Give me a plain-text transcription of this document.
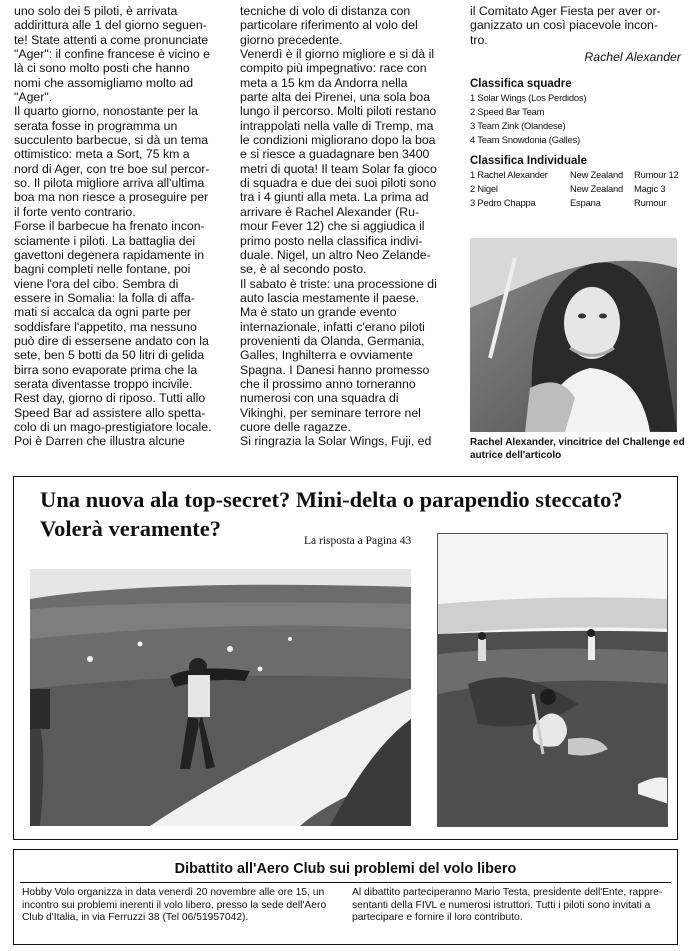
uno solo dei 5 piloti, è arrivata
addirittura alle 1 del giorno seguen-
te! State attenti a come pronunciate
"Ager": il confine francese è vicino e
là ci sono molto posti che hanno
nomi che assomigliamo molto ad
"Ager".
Il quarto giorno, nonostante per la
serata fosse in programma un
succulento barbecue, si dà un tema
ottimistico: meta a Sort, 75 km a
nord di Ager, con tre boe sul percor-
so. Il pilota migliore arriva all'ultima
boa ma non riesce a proseguire per
il forte vento contrario.
Forse il barbecue ha frenato incon-
sciamente i piloti. La battaglia dei
gavettoni degenera rapidamente in
bagni completi nelle fontane, poi
viene l'ora del cibo. Sembra di
essere in Somalia: la folla di affa-
mati si accalca da ogni parte per
soddisfare l'appetito, ma nessuno
può dire di essersene andato con la
sete, ben 5 botti da 50 litri di gelida
birra sono evaporate prima che la
serata diventasse troppo incivile.
Rest day, giorno di riposo. Tutti allo
Speed Bar ad assistere allo spetta-
colo di un mago-prestigiatore locale.
Poi è Darren che illustra alcune

tecniche di volo di distanza con
particolare riferimento al volo del
giorno precedente.
Venerdì è il giorno migliore e si dà il
compito più impegnativo: race con
meta a 15 km da Andorra nella
parte alta dei Pirenei, una sola boa
lungo il percorso. Molti piloti restano
intrappolati nella valle di Tremp, ma
le condizioni migliorano dopo la boa
e si riesce a guadagnare ben 3400
metri di quota! Il team Solar fa gioco
di squadra e due dei suoi piloti sono
tra i 4 giunti alla meta. La prima ad
arrivare è Rachel Alexander (Ru-
mour Fever 12) che si aggiudica il
primo posto nella classifica indivi-
duale. Nigel, un altro Neo Zelande-
se, è al secondo posto.
Il sabato è triste: una processione di
auto lascia mestamente il paese.
Ma è stato un grande evento
internazionale, infatti c'erano piloti
provenienti da Olanda, Germania,
Galles, Inghilterra e ovviamente
Spagna. I Danesi hanno promesso
che il prossimo anno torneranno
numerosi con una squadra di
Vikinghi, per seminare terrore nel
cuore delle ragazze.
Si ringrazia la Solar Wings, Fuji, ed

il Comitato Ager Fiesta per aver or-
ganizzato un così piacevole incon-
tro.

Rachel Alexander
Classifica squadre
1 Solar Wings (Los Perdidos)
2 Speed Bar Team
3 Team Zink (Olandese)
4 Team Snowdonia (Galles)
Classifica Individuale
1 Rachel Alexander	New Zealand	Rumour 12
2 Nigel	New Zealand	Magic 3
3 Pedro Chappa	Espana	Rumour
Rachel Alexander, vincitrice del Challenge ed autrice dell'articolo
Una nuova ala top-secret? Mini-delta o parapendio steccato?
Volerà veramente?	La risposta a Pagina 43
Dibattito all'Aero Club sui problemi del volo libero
Hobby Volo organizza in data venerdì 20 novembre alle ore 15, un
incontro sui problemi inerenti il volo libero, presso la sede dell'Aero
Club d'Italia, in via Ferruzzi 38 (Tel 06/51957042).
Al dibattito parteciperanno Mario Testa, presidente dell'Ente, rappre-
sentanti della FIVL e numerosi istruttori. Tutti i piloti sono invitati a
partecipare e fornire il loro contributo.
